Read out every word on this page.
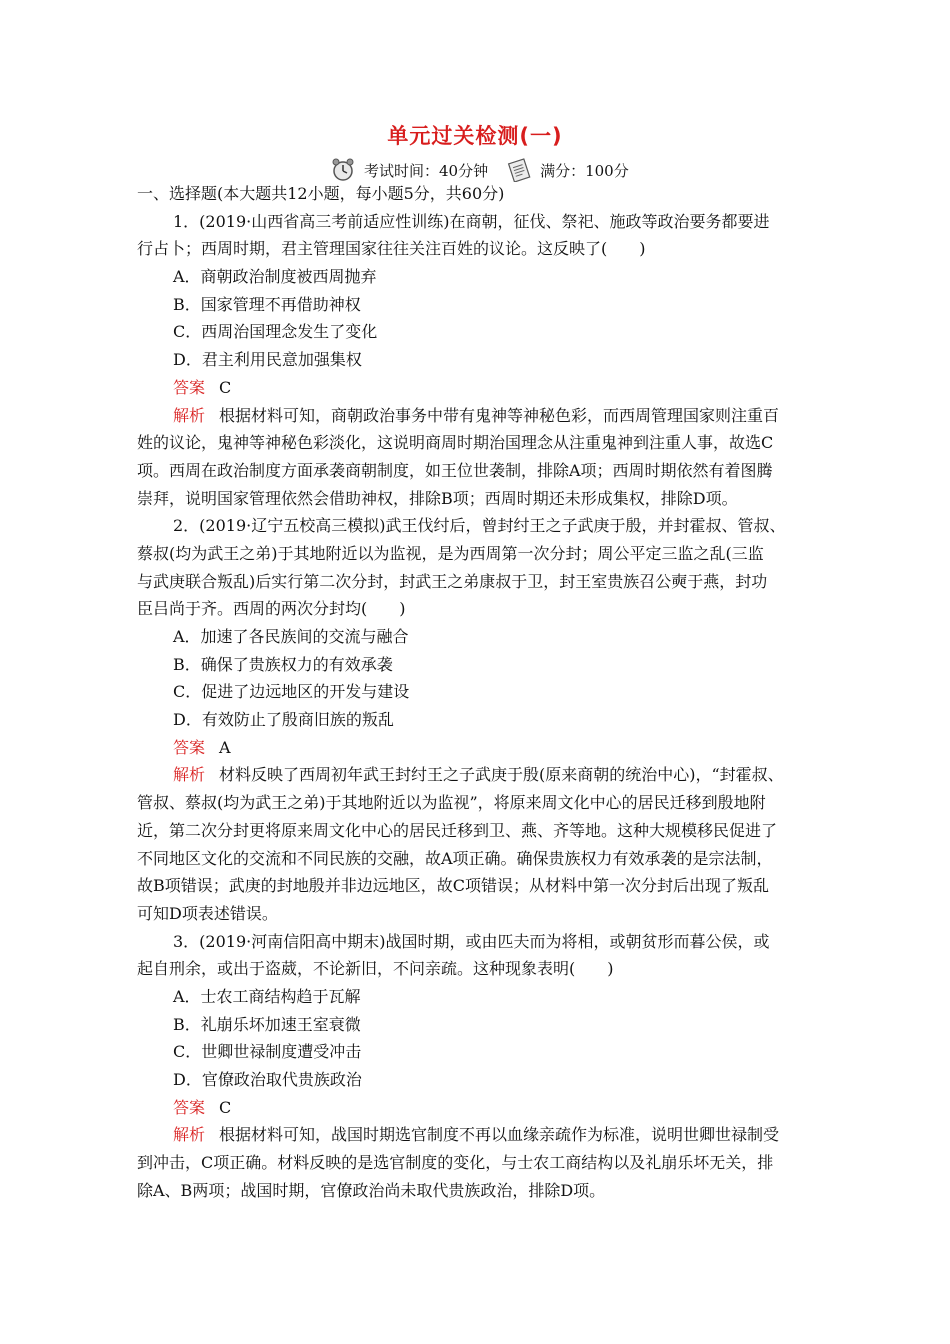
单元过关检测(一)
考试时间：40分钟	满分：100分
一、选择题(本大题共12小题，每小题5分，共60分)
1．(2019·山西省高三考前适应性训练)在商朝，征伐、祭祀、施政等政治要务都要进
行占卜；西周时期，君主管理国家往往关注百姓的议论。这反映了(　　)
A．商朝政治制度被西周抛弃
B．国家管理不再借助神权
C．西周治国理念发生了变化
D．君主利用民意加强集权
答案 C
解析 根据材料可知，商朝政治事务中带有鬼神等神秘色彩，而西周管理国家则注重百
姓的议论，鬼神等神秘色彩淡化，这说明商周时期治国理念从注重鬼神到注重人事，故选C
项。西周在政治制度方面承袭商朝制度，如王位世袭制，排除A项；西周时期依然有着图腾
崇拜，说明国家管理依然会借助神权，排除B项；西周时期还未形成集权，排除D项。
2．(2019·辽宁五校高三模拟)武王伐纣后，曾封纣王之子武庚于殷，并封霍叔、管叔、
蔡叔(均为武王之弟)于其地附近以为监视，是为西周第一次分封；周公平定三监之乱(三监
与武庚联合叛乱)后实行第二次分封，封武王之弟康叔于卫，封王室贵族召公奭于燕，封功
臣吕尚于齐。西周的两次分封均(　　)
A．加速了各民族间的交流与融合
B．确保了贵族权力的有效承袭
C．促进了边远地区的开发与建设
D．有效防止了殷商旧族的叛乱
答案 A
解析 材料反映了西周初年武王封纣王之子武庚于殷(原来商朝的统治中心)，“封霍叔、
管叔、蔡叔(均为武王之弟)于其地附近以为监视”，将原来周文化中心的居民迁移到殷地附
近，第二次分封更将原来周文化中心的居民迁移到卫、燕、齐等地。这种大规模移民促进了
不同地区文化的交流和不同民族的交融，故A项正确。确保贵族权力有效承袭的是宗法制，
故B项错误；武庚的封地殷并非边远地区，故C项错误；从材料中第一次分封后出现了叛乱
可知D项表述错误。
3．(2019·河南信阳高中期末)战国时期，或由匹夫而为将相，或朝贫形而暮公侯，或
起自刑余，或出于盗葳，不论新旧，不问亲疏。这种现象表明(　　)
A．士农工商结构趋于瓦解
B．礼崩乐坏加速王室衰微
C．世卿世禄制度遭受冲击
D．官僚政治取代贵族政治
答案 C
解析 根据材料可知，战国时期选官制度不再以血缘亲疏作为标准，说明世卿世禄制受
到冲击，C项正确。材料反映的是选官制度的变化，与士农工商结构以及礼崩乐坏无关，排
除A、B两项；战国时期，官僚政治尚未取代贵族政治，排除D项。
